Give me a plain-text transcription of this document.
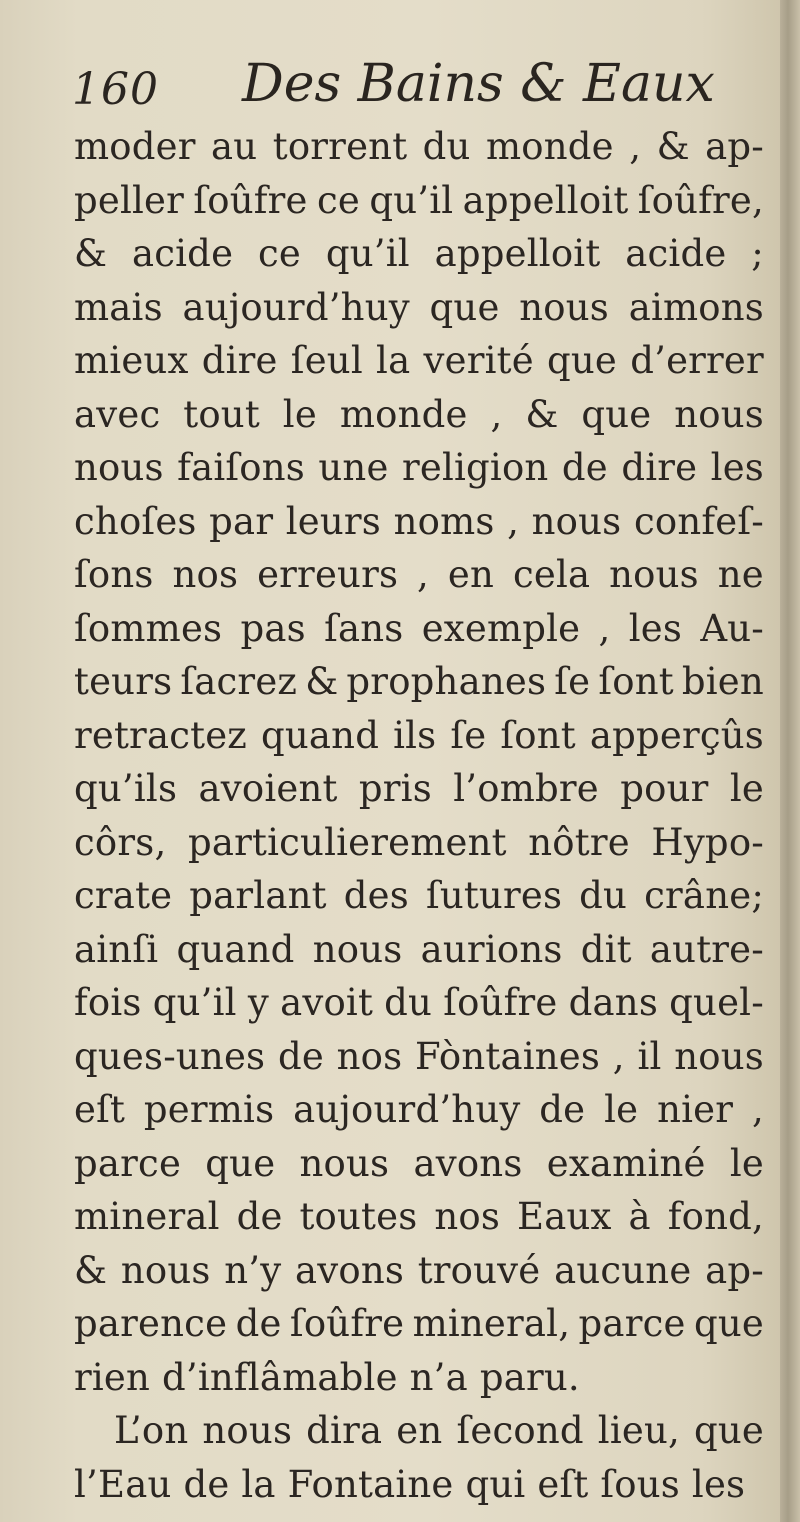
160 Des Bains & Eaux
moder au torrent du monde , & ap-
peller ſoûfre ce qu’il appelloit ſoûfre,
& acide ce qu’il appelloit acide ;
mais aujourd’huy que nous aimons
mieux dire ſeul la verité que d’errer
avec tout le monde , & que nous
nous faiſons une religion de dire les
choſes par leurs noms , nous confeſ-
ſons nos erreurs , en cela nous ne
ſommes pas ſans exemple , les Au-
teurs ſacrez & prophanes ſe ſont bien
retractez quand ils ſe ſont apperçûs
qu’ils avoient pris l’ombre pour le
côrs, particulierement nôtre Hypo-
crate parlant des ſutures du crâne;
ainſi quand nous aurions dit autre-
fois qu’il y avoit du ſoûfre dans quel-
ques-unes de nos Fòntaines , il nous
eſt permis aujourd’huy de le nier ,
parce que nous avons examiné le
mineral de toutes nos Eaux à fond,
& nous n’y avons trouvé aucune ap-
parence de ſoûfre mineral, parce que
rien d’inflâmable n’a paru.
L’on nous dira en ſecond lieu, que
l’Eau de la Fontaine qui eſt ſous les
